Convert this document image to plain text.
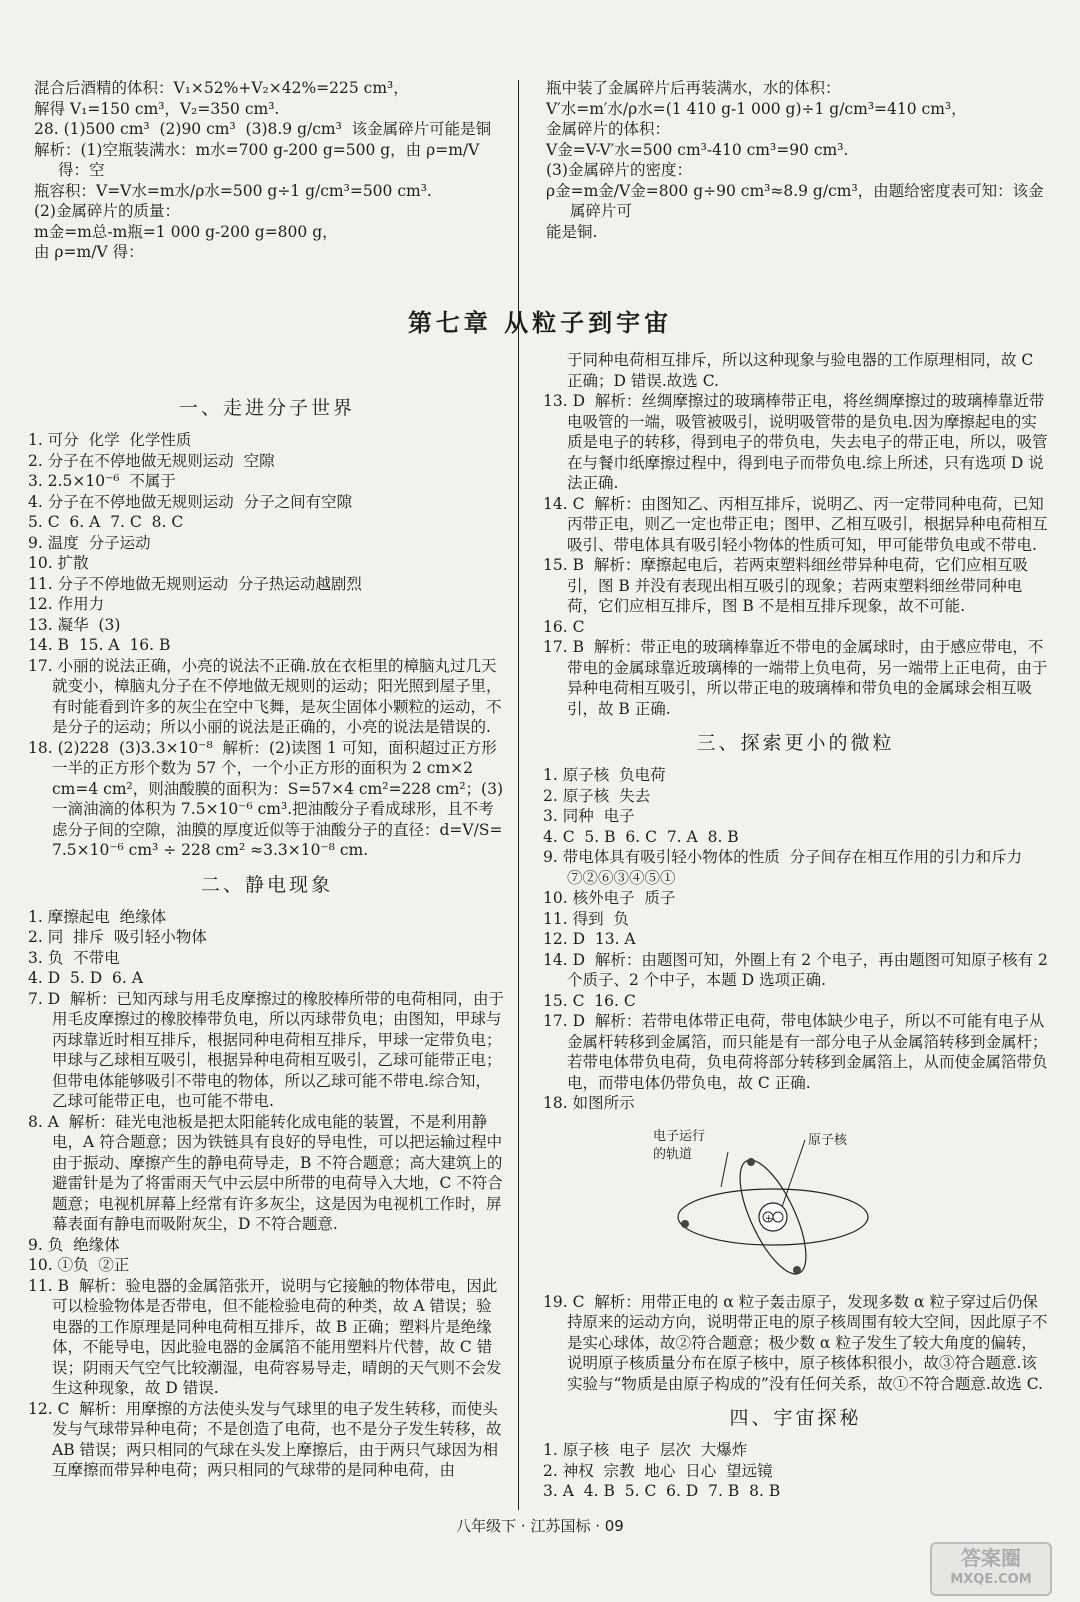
混合后酒精的体积：V₁×52%+V₂×42%=225 cm³，

解得 V₁=150 cm³，V₂=350 cm³.

28. (1)500 cm³  (2)90 cm³  (3)8.9 g/cm³  该金属碎片可能是铜

解析：(1)空瓶装满水：m水=700 g-200 g=500 g，由 ρ=m/V 得：空

瓶容积：V=V水=m水/ρ水=500 g÷1 g/cm³=500 cm³.

(2)金属碎片的质量：

m金=m总-m瓶=1 000 g-200 g=800 g，

由 ρ=m/V 得：

瓶中装了金属碎片后再装满水，水的体积：

V′水=m′水/ρ水=(1 410 g-1 000 g)÷1 g/cm³=410 cm³，

金属碎片的体积：

V金=V-V′水=500 cm³-410 cm³=90 cm³.

(3)金属碎片的密度：

ρ金=m金/V金=800 g÷90 cm³≈8.9 g/cm³，由题给密度表可知：该金属碎片可

能是铜.

第七章 从粒子到宇宙

一、走进分子世界

1. 可分  化学  化学性质

2. 分子在不停地做无规则运动  空隙

3. 2.5×10⁻⁶  不属于

4. 分子在不停地做无规则运动  分子之间有空隙

5. C  6. A  7. C  8. C

9. 温度  分子运动

10. 扩散

11. 分子不停地做无规则运动  分子热运动越剧烈

12. 作用力

13. 凝华  (3)

14. B  15. A  16. B

17. 小丽的说法正确，小亮的说法不正确.放在衣柜里的樟脑丸过几天就变小，樟脑丸分子在不停地做无规则的运动；阳光照到屋子里，有时能看到许多的灰尘在空中飞舞，是灰尘固体小颗粒的运动，不是分子的运动；所以小丽的说法是正确的，小亮的说法是错误的.

18. (2)228  (3)3.3×10⁻⁸  解析：(2)读图 1 可知，面积超过正方形一半的正方形个数为 57 个，一个小正方形的面积为 2 cm×2 cm=4 cm²，则油酸膜的面积为：S=57×4 cm²=228 cm²；(3)一滴油滴的体积为 7.5×10⁻⁶ cm³.把油酸分子看成球形，且不考虑分子间的空隙，油膜的厚度近似等于油酸分子的直径：d=V/S=

7.5×10⁻⁶ cm³ ÷ 228 cm² ≈3.3×10⁻⁸ cm.

二、静电现象

1. 摩擦起电  绝缘体

2. 同  排斥  吸引轻小物体

3. 负  不带电

4. D  5. D  6. A

7. D  解析：已知丙球与用毛皮摩擦过的橡胶棒所带的电荷相同，由于用毛皮摩擦过的橡胶棒带负电，所以丙球带负电；由图知，甲球与丙球靠近时相互排斥，根据同种电荷相互排斥，甲球一定带负电；甲球与乙球相互吸引，根据异种电荷相互吸引，乙球可能带正电；但带电体能够吸引不带电的物体，所以乙球可能不带电.综合知，乙球可能带正电，也可能不带电.

8. A  解析：硅光电池板是把太阳能转化成电能的装置，不是利用静电，A 符合题意；因为铁链具有良好的导电性，可以把运输过程中由于振动、摩擦产生的静电荷导走，B 不符合题意；高大建筑上的避雷针是为了将雷雨天气中云层中所带的电荷导入大地，C 不符合题意；电视机屏幕上经常有许多灰尘，这是因为电视机工作时，屏幕表面有静电而吸附灰尘，D 不符合题意.

9. 负  绝缘体

10. ①负  ②正

11. B  解析：验电器的金属箔张开，说明与它接触的物体带电，因此可以检验物体是否带电，但不能检验电荷的种类，故 A 错误；验电器的工作原理是同种电荷相互排斥，故 B 正确；塑料片是绝缘体，不能导电，因此验电器的金属箔不能用塑料片代替，故 C 错误；阴雨天气空气比较潮湿，电荷容易导走，晴朗的天气则不会发生这种现象，故 D 错误.

12. C  解析：用摩擦的方法使头发与气球里的电子发生转移，而使头发与气球带异种电荷；不是创造了电荷，也不是分子发生转移，故 AB 错误；两只相同的气球在头发上摩擦后，由于两只气球因为相互摩擦而带异种电荷；两只相同的气球带的是同种电荷，由

于同种电荷相互排斥，所以这种现象与验电器的工作原理相同，故 C 正确；D 错误.故选 C.

13. D  解析：丝绸摩擦过的玻璃棒带正电，将丝绸摩擦过的玻璃棒靠近带电吸管的一端，吸管被吸引，说明吸管带的是负电.因为摩擦起电的实质是电子的转移，得到电子的带负电，失去电子的带正电，所以，吸管在与餐巾纸摩擦过程中，得到电子而带负电.综上所述，只有选项 D 说法正确.

14. C  解析：由图知乙、丙相互排斥，说明乙、丙一定带同种电荷，已知丙带正电，则乙一定也带正电；图甲、乙相互吸引，根据异种电荷相互吸引、带电体具有吸引轻小物体的性质可知，甲可能带负电或不带电.

15. B  解析：摩擦起电后，若两束塑料细丝带异种电荷，它们应相互吸引，图 B 并没有表现出相互吸引的现象；若两束塑料细丝带同种电荷，它们应相互排斥，图 B 不是相互排斥现象，故不可能.

16. C

17. B  解析：带正电的玻璃棒靠近不带电的金属球时，由于感应带电，不带电的金属球靠近玻璃棒的一端带上负电荷，另一端带上正电荷，由于异种电荷相互吸引，所以带正电的玻璃棒和带负电的金属球会相互吸引，故 B 正确.

三、探索更小的微粒

1. 原子核  负电荷

2. 原子核  失去

3. 同种  电子

4. C  5. B  6. C  7. A  8. B

9. 带电体具有吸引轻小物体的性质  分子间存在相互作用的引力和斥力  ⑦②⑥③④⑤①

10. 核外电子  质子

11. 得到  负

12. D  13. A

14. D  解析：由题图可知，外圈上有 2 个电子，再由题图可知原子核有 2 个质子、2 个中子，本题 D 选项正确.

15. C  16. C

17. D  解析：若带电体带正电荷，带电体缺少电子，所以不可能有电子从金属杆转移到金属箔，而只能是有一部分电子从金属箔转移到金属杆；若带电体带负电荷，负电荷将部分转移到金属箔上，从而使金属箔带负电，而带电体仍带负电，故 C 正确.

18. 如图所示

电子运行
的轨道
原子核
+

19. C  解析：用带正电的 α 粒子轰击原子，发现多数 α 粒子穿过后仍保持原来的运动方向，说明带正电的原子核周围有较大空间，因此原子不是实心球体，故②符合题意；极少数 α 粒子发生了较大角度的偏转，说明原子核质量分布在原子核中，原子核体积很小，故③符合题意.该实验与“物质是由原子构成的”没有任何关系，故①不符合题意.故选 C.

四、宇宙探秘

1. 原子核  电子  层次  大爆炸

2. 神权  宗教  地心  日心  望远镜

3. A  4. B  5. C  6. D  7. B  8. B

八年级下 · 江苏国标 · 09
答案圈
MXQE.COM
